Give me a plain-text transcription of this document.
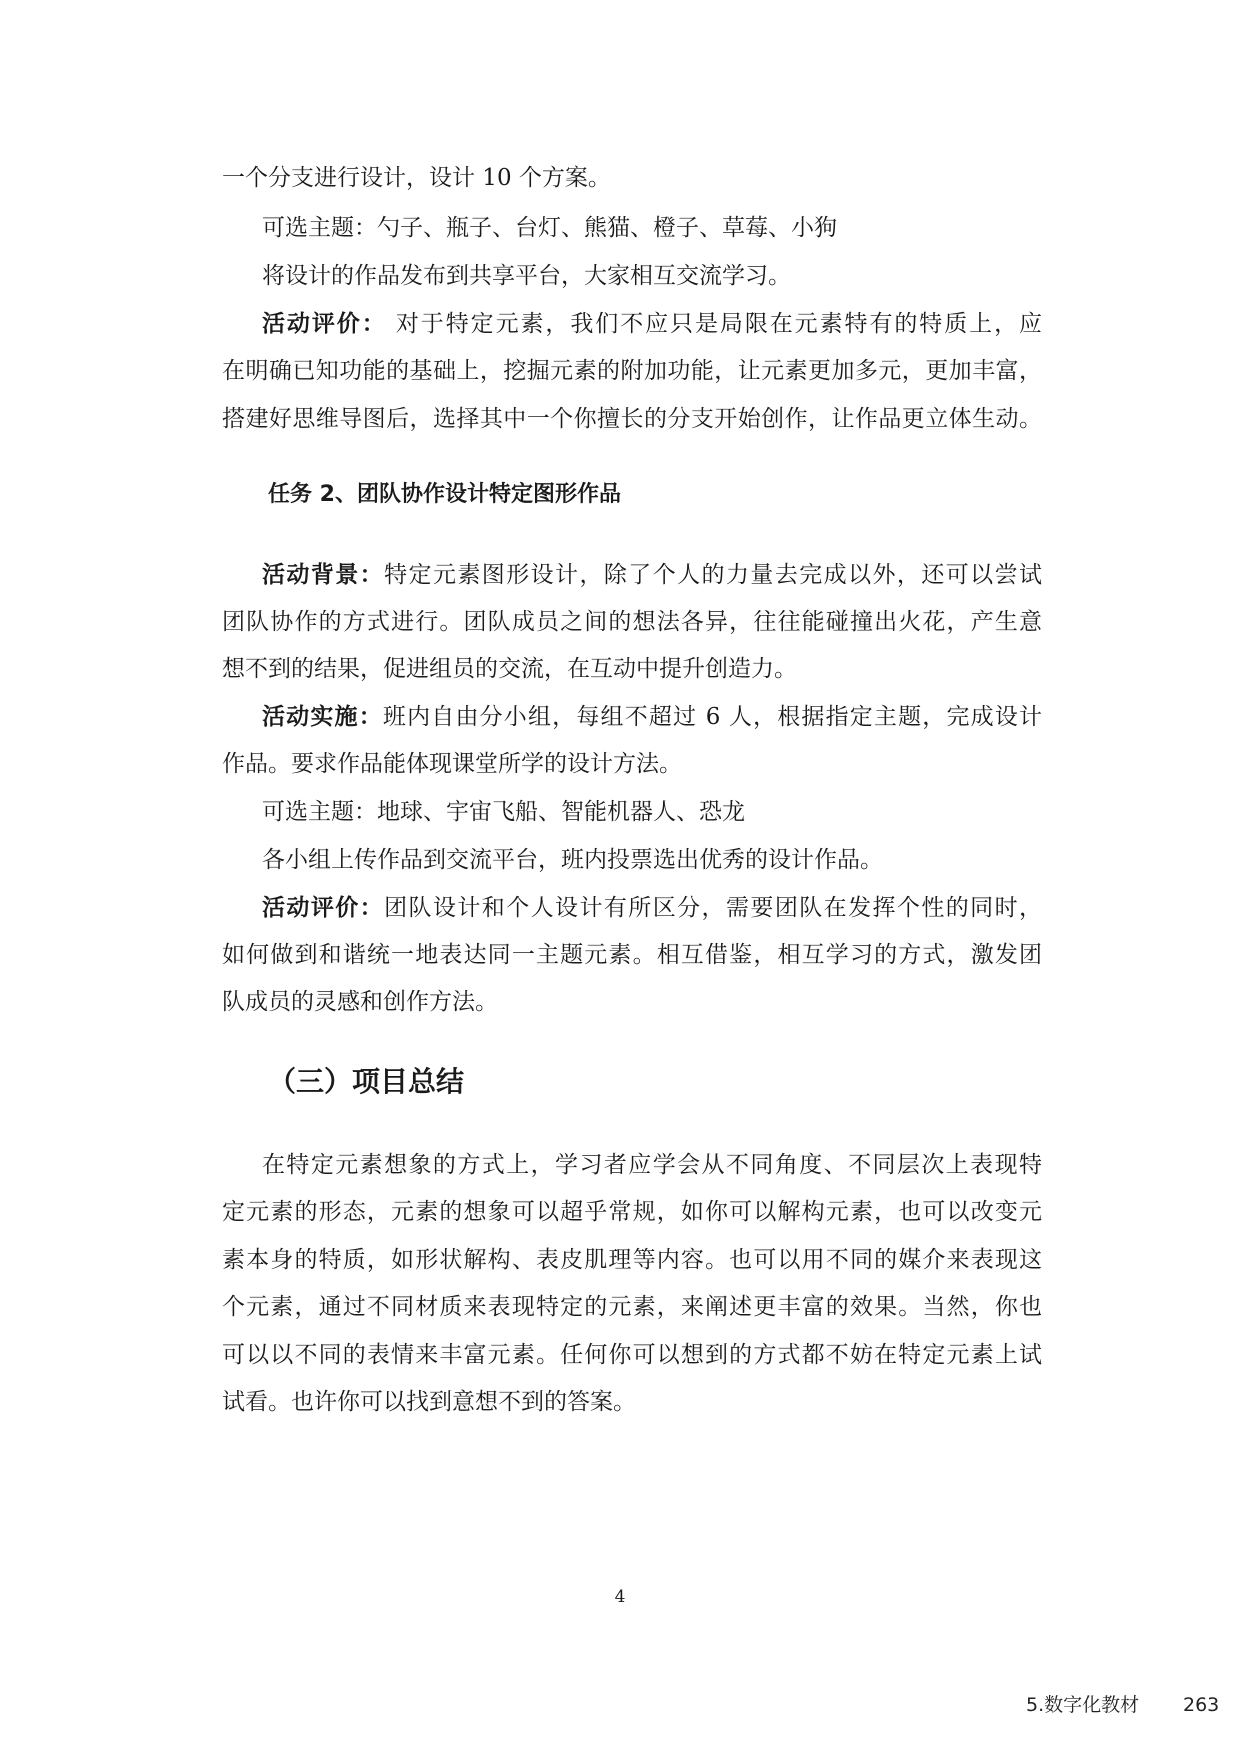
一个分支进行设计，设计 10 个方案。
可选主题：勺子、瓶子、台灯、熊猫、橙子、草莓、小狗
将设计的作品发布到共享平台，大家相互交流学习。
活动评价： 对于特定元素，我们不应只是局限在元素特有的特质上，应
在明确已知功能的基础上，挖掘元素的附加功能，让元素更加多元，更加丰富，
搭建好思维导图后，选择其中一个你擅长的分支开始创作，让作品更立体生动。
任务 2、团队协作设计特定图形作品
活动背景：特定元素图形设计，除了个人的力量去完成以外，还可以尝试
团队协作的方式进行。团队成员之间的想法各异，往往能碰撞出火花，产生意
想不到的结果，促进组员的交流，在互动中提升创造力。
活动实施：班内自由分小组，每组不超过 6 人，根据指定主题，完成设计
作品。要求作品能体现课堂所学的设计方法。
可选主题：地球、宇宙飞船、智能机器人、恐龙
各小组上传作品到交流平台，班内投票选出优秀的设计作品。
活动评价：团队设计和个人设计有所区分，需要团队在发挥个性的同时，
如何做到和谐统一地表达同一主题元素。相互借鉴，相互学习的方式，激发团
队成员的灵感和创作方法。
（三）项目总结
在特定元素想象的方式上，学习者应学会从不同角度、不同层次上表现特
定元素的形态，元素的想象可以超乎常规，如你可以解构元素，也可以改变元
素本身的特质，如形状解构、表皮肌理等内容。也可以用不同的媒介来表现这
个元素，通过不同材质来表现特定的元素，来阐述更丰富的效果。当然，你也
可以以不同的表情来丰富元素。任何你可以想到的方式都不妨在特定元素上试
试看。也许你可以找到意想不到的答案。
4
5.数字化教材 263
